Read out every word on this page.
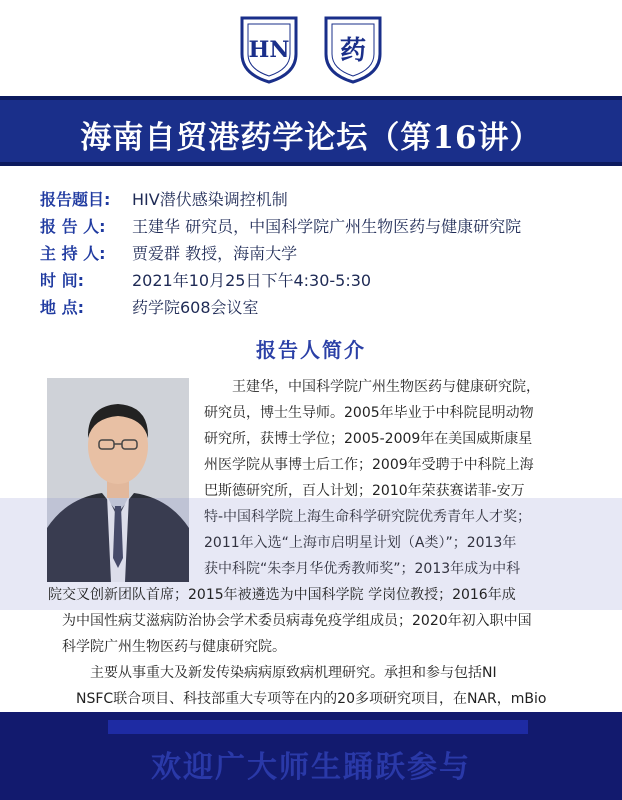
HN 药
海南自贸港药学论坛（第16讲）
报告题目: HIV潜伏感染调控机制
报 告 人: 王建华 研究员，中国科学院广州生物医药与健康研究院
主 持 人: 贾爱群 教授，海南大学
时 间:	2021年10月25日下午4:30-5:30
地 点:	药学院608会议室
报告人简介
王建华，中国科学院广州生物医药与健康研究院，
研究员，博士生导师。2005年毕业于中科院昆明动物
研究所，获博士学位；2005-2009年在美国威斯康星
州医学院从事博士后工作；2009年受聘于中科院上海
巴斯德研究所，百人计划；2010年荣获赛诺菲-安万
特-中国科学院上海生命科学研究院优秀青年人才奖；
2011年入选“上海市启明星计划（A类）”；2013年
获中科院“朱李月华优秀教师奖”；2013年成为中科
院交叉创新团队首席；2015年被遴选为中国科学院 学岗位教授；2016年成
为中国性病艾滋病防治协会学术委员病毒免疫学组成员；2020年初入职中国
科学院广州生物医药与健康研究院。
主要从事重大及新发传染病病原致病机理研究。承担和参与包括NI
NSFC联合项目、科技部重大专项等在内的20多项研究项目，在NAR，mBio
欢迎广大师生踊跃参与
